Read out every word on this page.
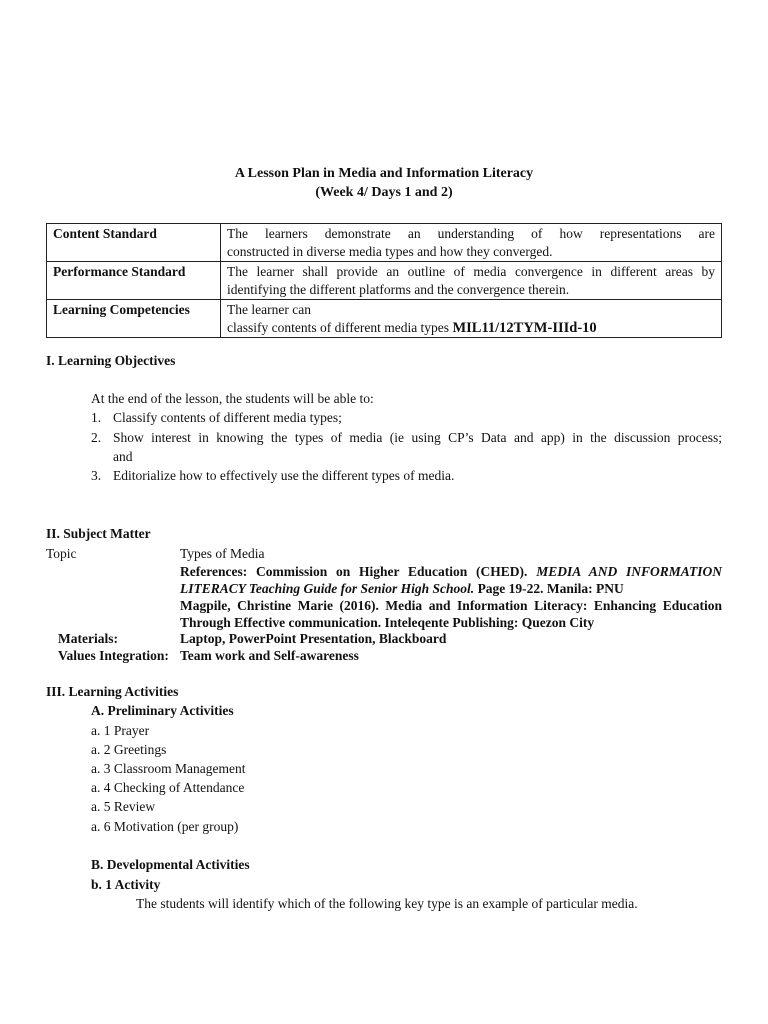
A Lesson Plan in Media and Information Literacy
(Week 4/ Days 1 and 2)
Content Standard	The learners demonstrate an understanding of how representations are
constructed in diverse media types and how they converged.
Performance Standard	The learner shall provide an outline of media convergence in different areas by
identifying the different platforms and the convergence therein.
Learning Competencies	The learner can
classify contents of different media types MIL11/12TYM-IIId-10
I. Learning Objectives
At the end of the lesson, the students will be able to:
1. Classify contents of different media types;
2. Show interest in knowing the types of media (ie using CP’s Data and app) in the discussion process;
and
3. Editorialize how to effectively use the different types of media.
II. Subject Matter
Topic	Types of Media
References: Commission on Higher Education (CHED). MEDIA AND INFORMATION
LITERACY Teaching Guide for Senior High School. Page 19-22. Manila: PNU
Magpile, Christine Marie (2016). Media and Information Literacy: Enhancing Education
Through Effective communication. Inteleqente Publishing: Quezon City
Materials:	Laptop, PowerPoint Presentation, Blackboard
Values Integration: Team work and Self-awareness
III. Learning Activities
A. Preliminary Activities
a. 1 Prayer
a. 2 Greetings
a. 3 Classroom Management
a. 4 Checking of Attendance
a. 5 Review
a. 6 Motivation (per group)
B. Developmental Activities
b. 1 Activity
The students will identify which of the following key type is an example of particular media.
